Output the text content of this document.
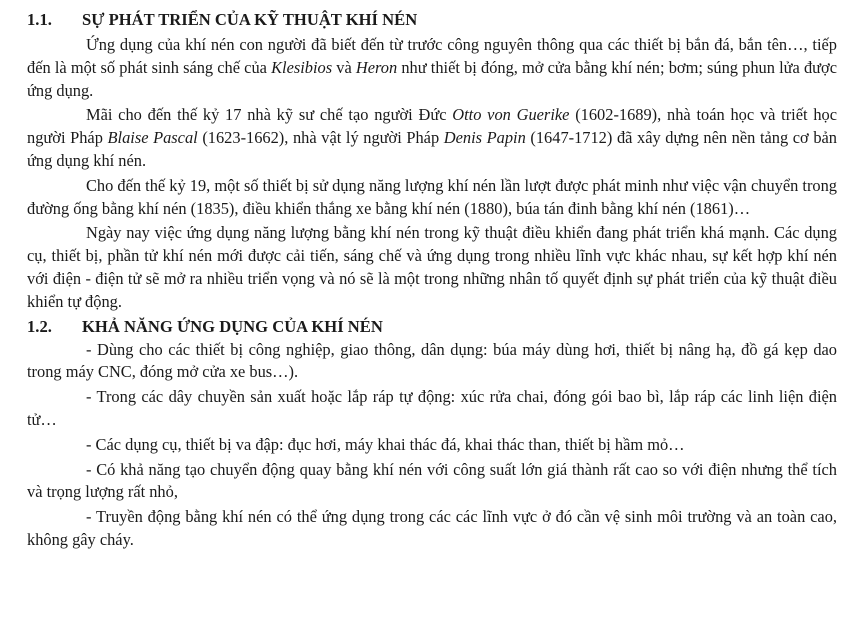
1.1.	SỰ PHÁT TRIỂN CỦA KỸ THUẬT KHÍ NÉN

Ứng dụng của khí nén con người đã biết đến từ trước công nguyên thông qua các thiết bị bắn đá, bắn tên…, tiếp đến là một số phát sinh sáng chế của Klesibios và Heron như thiết bị đóng, mở cửa bằng khí nén; bơm; súng phun lửa được ứng dụng.

Mãi cho đến thế kỷ 17 nhà kỹ sư chế tạo người Đức Otto von Guerike (1602-1689), nhà toán học và triết học người Pháp Blaise Pascal (1623-1662), nhà vật lý người Pháp Denis Papin (1647-1712) đã xây dựng nên nền tảng cơ bản ứng dụng khí nén.

Cho đến thế kỷ 19, một số thiết bị sử dụng năng lượng khí nén lần lượt được phát minh như việc vận chuyển trong đường ống bằng khí nén (1835), điều khiển thắng xe bằng khí nén (1880), búa tán đinh bằng khí nén (1861)…

Ngày nay việc ứng dụng năng lượng bằng khí nén trong kỹ thuật điều khiển đang phát triển khá mạnh. Các dụng cụ, thiết bị, phần tử khí nén mới được cải tiến, sáng chế và ứng dụng trong nhiều lĩnh vực khác nhau, sự kết hợp khí nén với điện - điện tử sẽ mở ra nhiều triển vọng và nó sẽ là một trong những nhân tố quyết định sự phát triển của kỹ thuật điều khiển tự động.

1.2.	KHẢ NĂNG ỨNG DỤNG CỦA KHÍ NÉN

- Dùng cho các thiết bị công nghiệp, giao thông, dân dụng: búa máy dùng hơi, thiết bị nâng hạ, đồ gá kẹp dao trong máy CNC, đóng mở cửa xe bus…).

- Trong các dây chuyền sản xuất hoặc lắp ráp tự động: xúc rửa chai, đóng gói bao bì, lắp ráp các linh liện điện tử…

- Các dụng cụ, thiết bị va đập: đục hơi, máy khai thác đá, khai thác than, thiết bị hầm mỏ…

- Có khả năng tạo chuyển động quay bằng khí nén với công suất lớn giá thành rất cao so với điện nhưng thể tích và trọng lượng rất nhỏ,

- Truyền động bằng khí nén có thể ứng dụng trong các các lĩnh vực ở đó cần vệ sinh môi trường và an toàn cao, không gây cháy.
